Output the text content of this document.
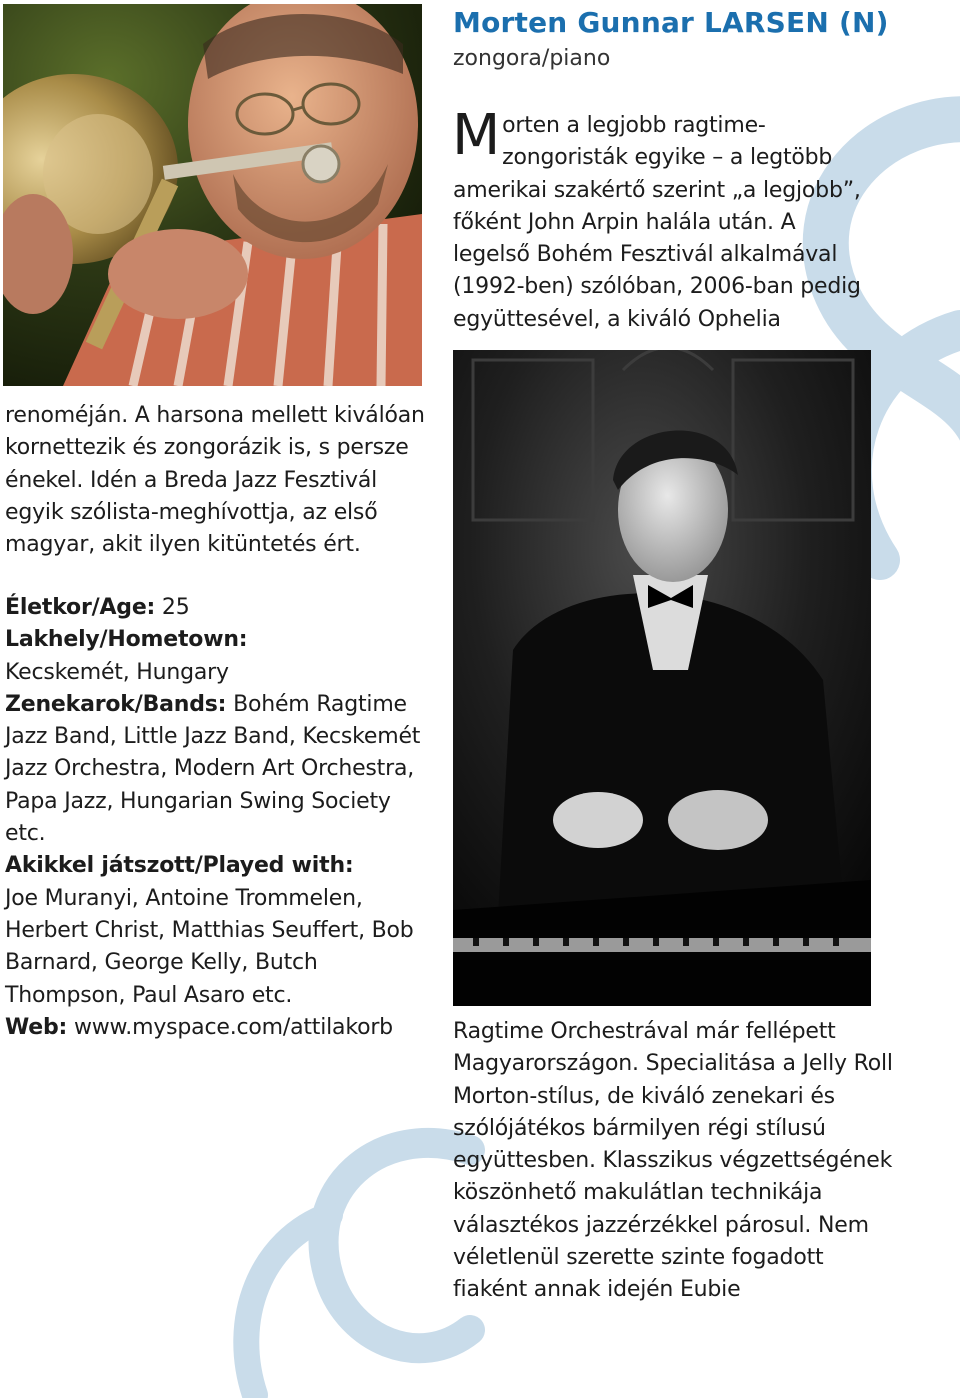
Morten Gunnar LARSEN (N)
zongora/piano

Morten a legjobb ragtime-zongoristák egyike – a legtöbb amerikai szakértő szerint „a legjobb”, főként John Arpin halála után. A legelső Bohém Fesztivál alkalmával (1992-ben) szólóban, 2006-ban pedig együttesével, a kiváló Ophelia

renoméján. A harsona mellett kiválóan kornettezik és zongorázik is, s persze énekel. Idén a Breda Jazz Fesztivál egyik szólista-meghívottja, az első magyar, akit ilyen kitüntetés ért.

Életkor/Age: 25

Lakhely/Hometown:

Kecskemét, Hungary

Zenekarok/Bands: Bohém Ragtime Jazz Band, Little Jazz Band, Kecskemét Jazz Orchestra, Modern Art Orchestra, Papa Jazz, Hungarian Swing Society etc.

Akikkel játszott/Played with:

Joe Muranyi, Antoine Trommelen, Herbert Christ, Matthias Seuffert, Bob Barnard, George Kelly, Butch Thompson, Paul Asaro etc.

Web: www.myspace.com/attilakorb	Ragtime Orchestrával már fellépett Magyarországon. Specialitása a Jelly Roll Morton-stílus, de kiváló zenekari és szólójátékos bármilyen régi stílusú együttesben. Klasszikus végzettségének köszönhető makulátlan technikája választékos jazzérzékkel párosul. Nem véletlenül szerette szinte fogadott fiaként annak idején Eubie
